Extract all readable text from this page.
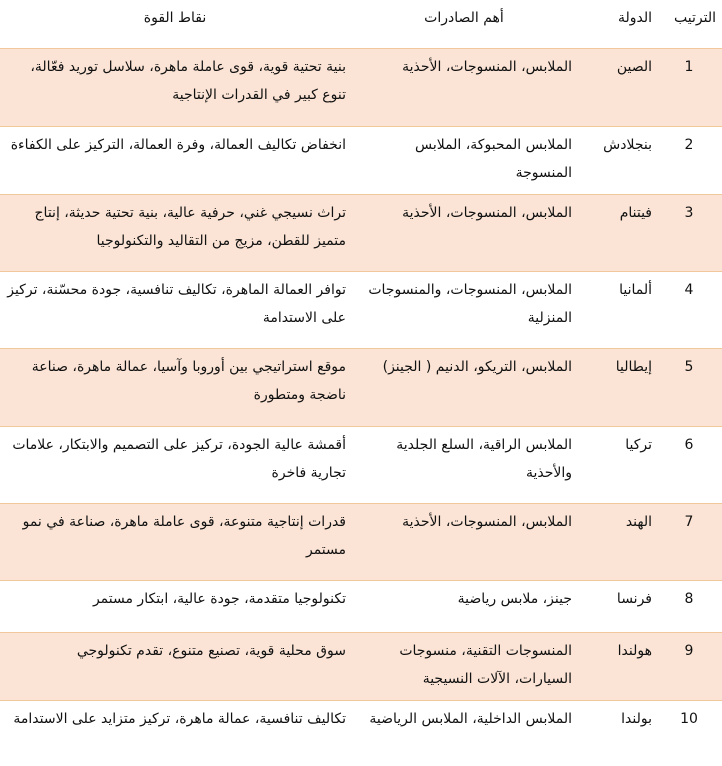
الترتيب	الدولة	أهم الصادرات	نقاط القوة
1	الصين	الملابس، المنسوجات، الأحذية	بنية تحتية قوية، قوى عاملة ماهرة، سلاسل توريد فعّالة، تنوع كبير في القدرات الإنتاجية
2	بنجلادش	الملابس المحبوكة، الملابس المنسوجة	انخفاض تكاليف العمالة، وفرة العمالة، التركيز على الكفاءة
3	فيتنام	الملابس، المنسوجات، الأحذية	تراث نسيجي غني، حرفية عالية، بنية تحتية حديثة، إنتاج متميز للقطن، مزيج من التقاليد والتكنولوجيا
4	ألمانيا	الملابس، المنسوجات، والمنسوجات المنزلية	توافر العمالة الماهرة، تكاليف تنافسية، جودة محسّنة، تركيز على الاستدامة
5	إيطاليا	الملابس، التريكو، الدنيم ( الجينز)	موقع استراتيجي بين أوروبا وآسيا، عمالة ماهرة، صناعة ناضجة ومتطورة
6	تركيا	الملابس الراقية، السلع الجلدية والأحذية	أقمشة عالية الجودة، تركيز على التصميم والابتكار، علامات تجارية فاخرة
7	الهند	الملابس، المنسوجات، الأحذية	قدرات إنتاجية متنوعة، قوى عاملة ماهرة، صناعة في نمو مستمر
8	فرنسا	جينز، ملابس رياضية	تكنولوجيا متقدمة، جودة عالية، ابتكار مستمر
9	هولندا	المنسوجات التقنية، منسوجات السيارات، الآلات النسيجية	سوق محلية قوية، تصنيع متنوع، تقدم تكنولوجي
10	بولندا	الملابس الداخلية، الملابس الرياضية	تكاليف تنافسية، عمالة ماهرة، تركيز متزايد على الاستدامة
